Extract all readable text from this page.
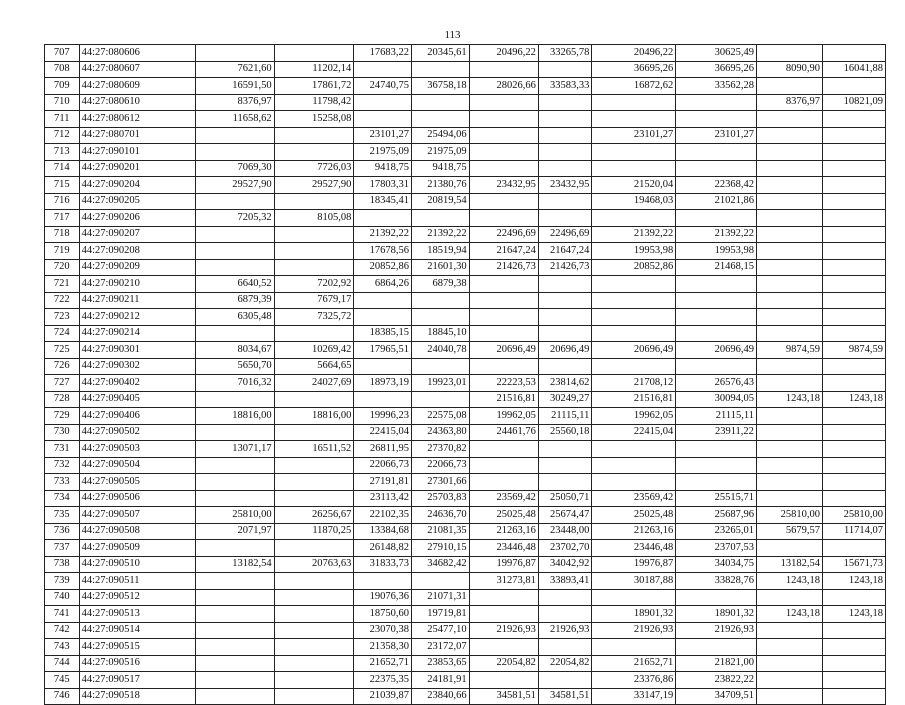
113
707	44:27:080606			17683,22	20345,61	20496,22	33265,78	20496,22	30625,49		
708	44:27:080607	7621,60	11202,14					36695,26	36695,26	8090,90	16041,88
709	44:27:080609	16591,50	17861,72	24740,75	36758,18	28026,66	33583,33	16872,62	33562,28		
710	44:27:080610	8376,97	11798,42							8376,97	10821,09
711	44:27:080612	11658,62	15258,08								
712	44:27:080701			23101,27	25494,06			23101,27	23101,27		
713	44:27:090101			21975,09	21975,09						
714	44:27:090201	7069,30	7726,03	9418,75	9418,75						
715	44:27:090204	29527,90	29527,90	17803,31	21380,76	23432,95	23432,95	21520,04	22368,42		
716	44:27:090205			18345,41	20819,54			19468,03	21021,86		
717	44:27:090206	7205,32	8105,08								
718	44:27:090207			21392,22	21392,22	22496,69	22496,69	21392,22	21392,22		
719	44:27:090208			17678,56	18519,94	21647,24	21647,24	19953,98	19953,98		
720	44:27:090209			20852,86	21601,30	21426,73	21426,73	20852,86	21468,15		
721	44:27:090210	6640,52	7202,92	6864,26	6879,38						
722	44:27:090211	6879,39	7679,17								
723	44:27:090212	6305,48	7325,72								
724	44:27:090214			18385,15	18845,10						
725	44:27:090301	8034,67	10269,42	17965,51	24040,78	20696,49	20696,49	20696,49	20696,49	9874,59	9874,59
726	44:27:090302	5650,70	5664,65								
727	44:27:090402	7016,32	24027,69	18973,19	19923,01	22223,53	23814,62	21708,12	26576,43		
728	44:27:090405					21516,81	30249,27	21516,81	30094,05	1243,18	1243,18
729	44:27:090406	18816,00	18816,00	19996,23	22575,08	19962,05	21115,11	19962,05	21115,11		
730	44:27:090502			22415,04	24363,80	24461,76	25560,18	22415,04	23911,22		
731	44:27:090503	13071,17	16511,52	26811,95	27370,82						
732	44:27:090504			22066,73	22066,73						
733	44:27:090505			27191,81	27301,66						
734	44:27:090506			23113,42	25703,83	23569,42	25050,71	23569,42	25515,71		
735	44:27:090507	25810,00	26256,67	22102,35	24636,70	25025,48	25674,47	25025,48	25687,96	25810,00	25810,00
736	44:27:090508	2071,97	11870,25	13384,68	21081,35	21263,16	23448,00	21263,16	23265,01	5679,57	11714,07
737	44:27:090509			26148,82	27910,15	23446,48	23702,70	23446,48	23707,53		
738	44:27:090510	13182,54	20763,63	31833,73	34682,42	19976,87	34042,92	19976,87	34034,75	13182,54	15671,73
739	44:27:090511					31273,81	33893,41	30187,88	33828,76	1243,18	1243,18
740	44:27:090512			19076,36	21071,31						
741	44:27:090513			18750,60	19719,81			18901,32	18901,32	1243,18	1243,18
742	44:27:090514			23070,38	25477,10	21926,93	21926,93	21926,93	21926,93		
743	44:27:090515			21358,30	23172,07						
744	44:27:090516			21652,71	23853,65	22054,82	22054,82	21652,71	21821,00		
745	44:27:090517			22375,35	24181,91			23376,86	23822,22		
746	44:27:090518			21039,87	23840,66	34581,51	34581,51	33147,19	34709,51		
